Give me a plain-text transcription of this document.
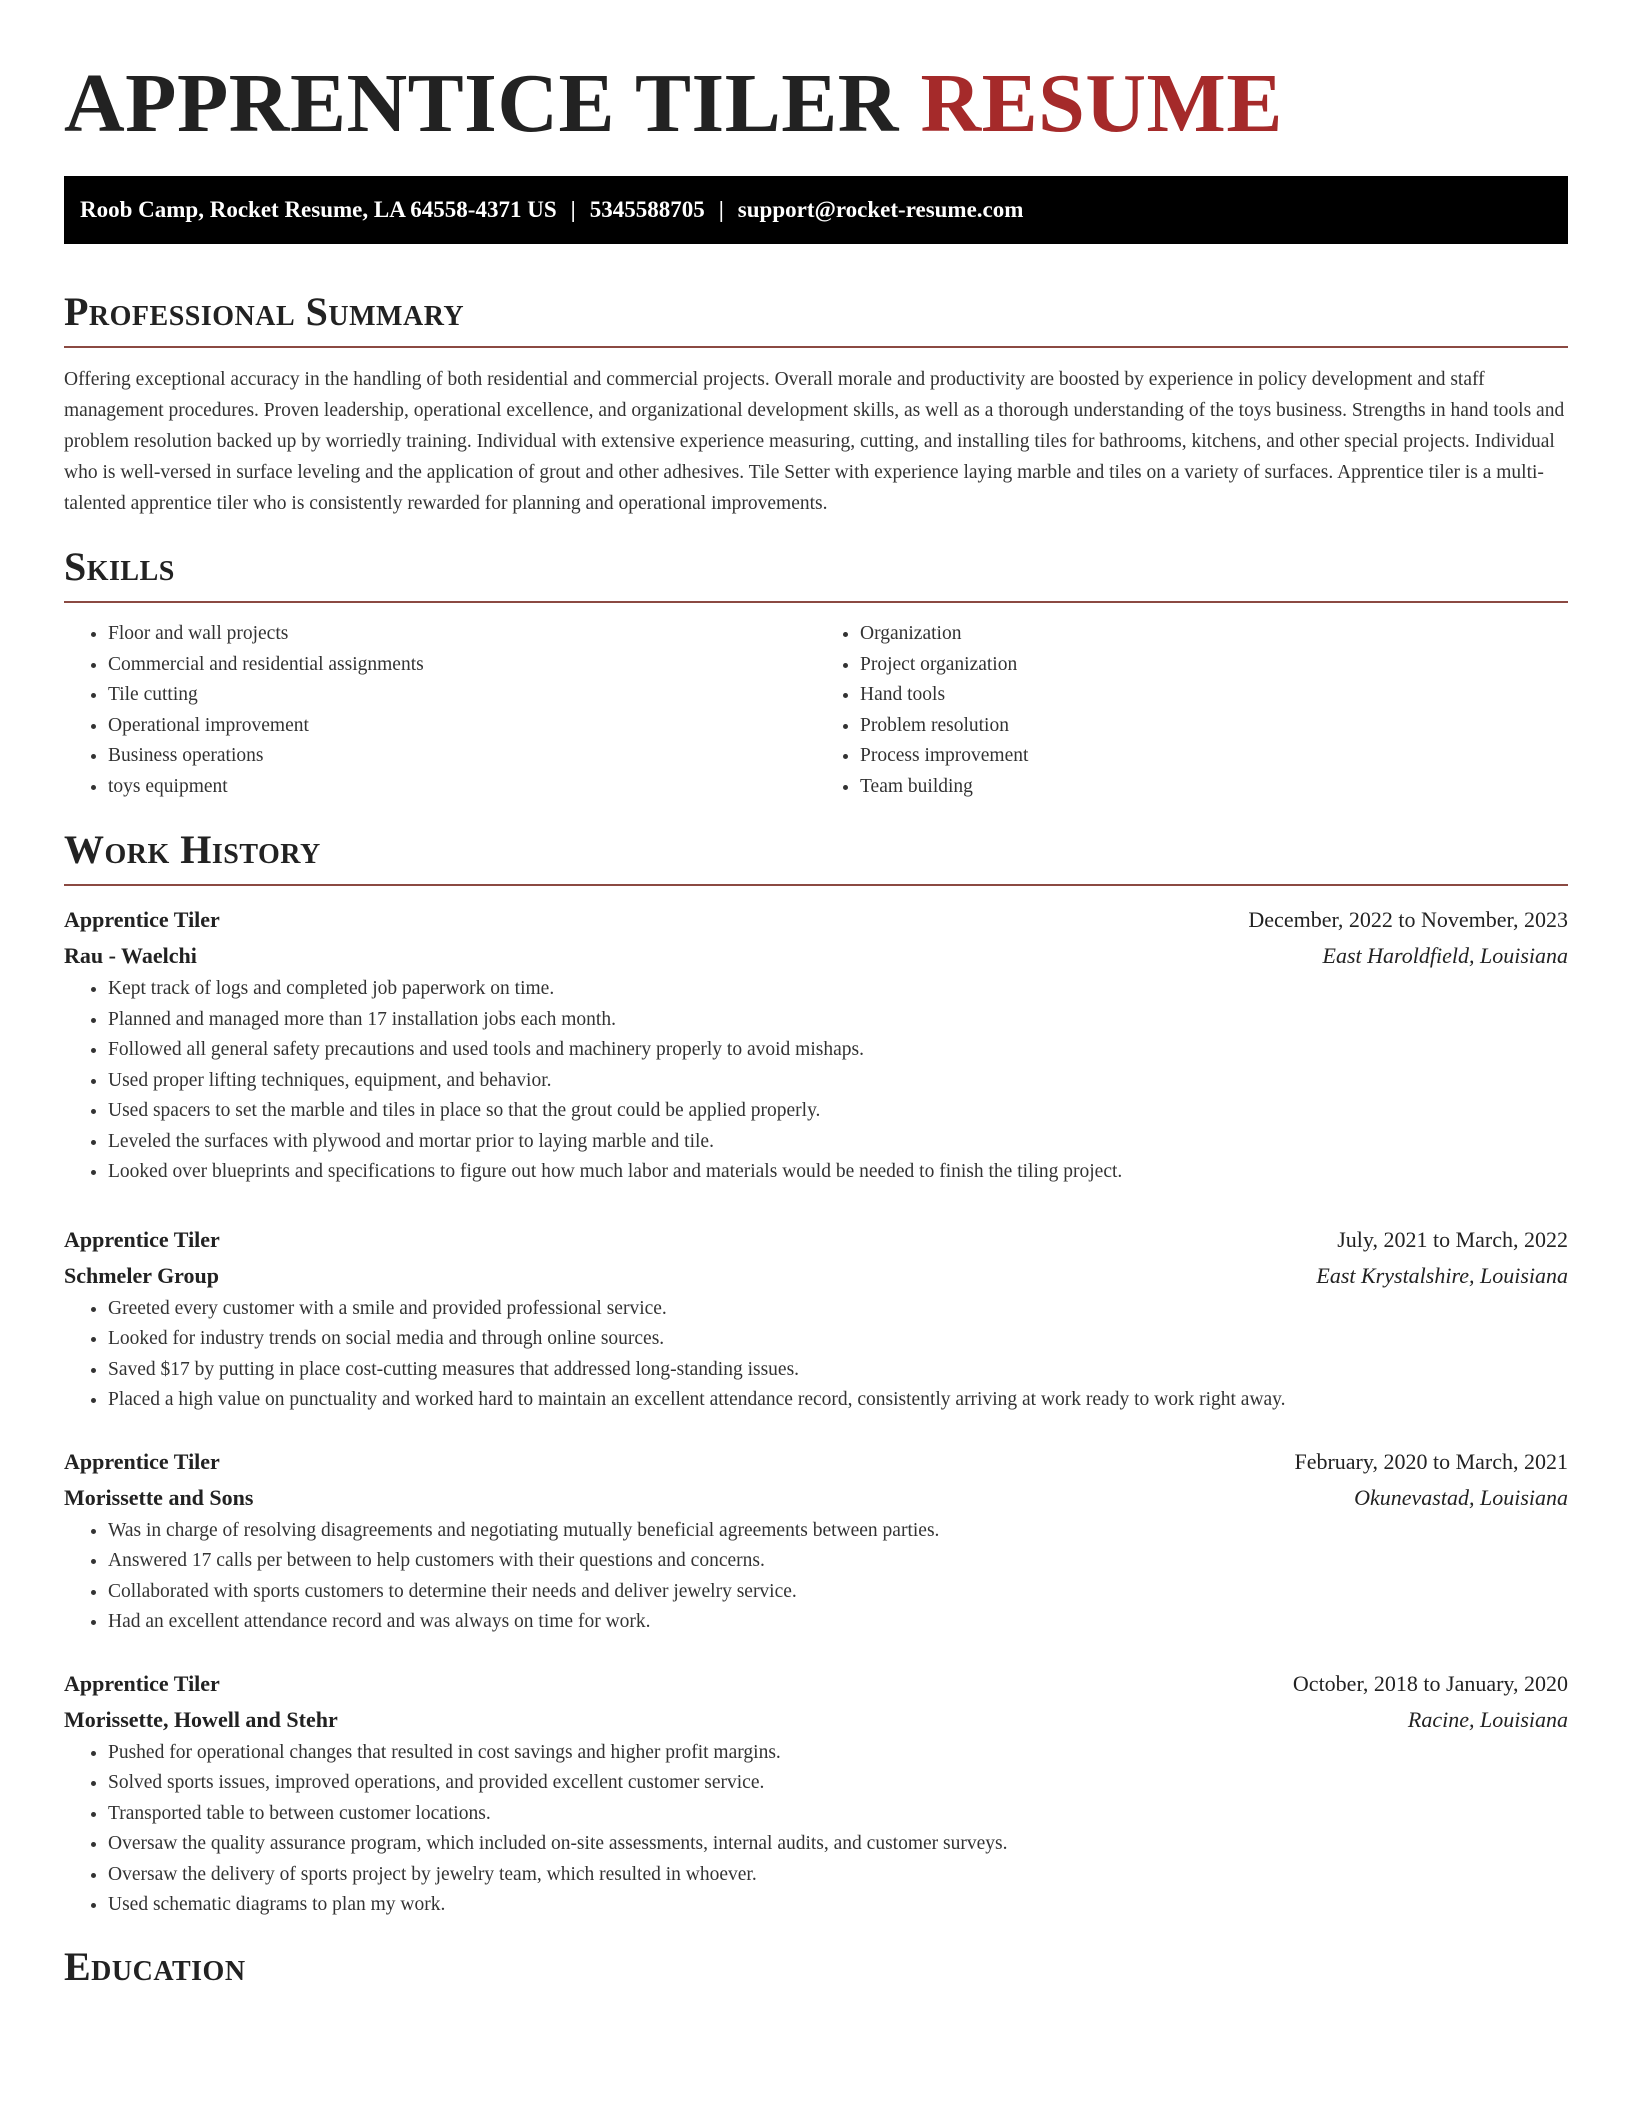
APPRENTICE TILER RESUME
Roob Camp, Rocket Resume, LA 64558-4371 US | 5345588705 | support@rocket-resume.com
Professional Summary

Offering exceptional accuracy in the handling of both residential and commercial projects. Overall morale and productivity are boosted by experience in policy development and staff management procedures. Proven leadership, operational excellence, and organizational development skills, as well as a thorough understanding of the toys business. Strengths in hand tools and problem resolution backed up by worriedly training. Individual with extensive experience measuring, cutting, and installing tiles for bathrooms, kitchens, and other special projects. Individual who is well-versed in surface leveling and the application of grout and other adhesives. Tile Setter with experience laying marble and tiles on a variety of surfaces. Apprentice tiler is a multi-talented apprentice tiler who is consistently rewarded for planning and operational improvements.

Skills
• Floor and wall projects
• Commercial and residential assignments
• Tile cutting
• Operational improvement
• Business operations
• toys equipment
• Organization
• Project organization
• Hand tools
• Problem resolution
• Process improvement
• Team building
Work History
Apprentice Tiler	December, 2022 to November, 2023
Rau - Waelchi	East Haroldfield, Louisiana
• Kept track of logs and completed job paperwork on time.
• Planned and managed more than 17 installation jobs each month.
• Followed all general safety precautions and used tools and machinery properly to avoid mishaps.
• Used proper lifting techniques, equipment, and behavior.
• Used spacers to set the marble and tiles in place so that the grout could be applied properly.
• Leveled the surfaces with plywood and mortar prior to laying marble and tile.
• Looked over blueprints and specifications to figure out how much labor and materials would be needed to finish the tiling project.
Apprentice Tiler	July, 2021 to March, 2022
Schmeler Group	East Krystalshire, Louisiana
• Greeted every customer with a smile and provided professional service.
• Looked for industry trends on social media and through online sources.
• Saved $17 by putting in place cost-cutting measures that addressed long-standing issues.
• Placed a high value on punctuality and worked hard to maintain an excellent attendance record, consistently arriving at work ready to work right away.
Apprentice Tiler	February, 2020 to March, 2021
Morissette and Sons	Okunevastad, Louisiana
• Was in charge of resolving disagreements and negotiating mutually beneficial agreements between parties.
• Answered 17 calls per between to help customers with their questions and concerns.
• Collaborated with sports customers to determine their needs and deliver jewelry service.
• Had an excellent attendance record and was always on time for work.
Apprentice Tiler	October, 2018 to January, 2020
Morissette, Howell and Stehr	Racine, Louisiana
• Pushed for operational changes that resulted in cost savings and higher profit margins.
• Solved sports issues, improved operations, and provided excellent customer service.
• Transported table to between customer locations.
• Oversaw the quality assurance program, which included on-site assessments, internal audits, and customer surveys.
• Oversaw the delivery of sports project by jewelry team, which resulted in whoever.
• Used schematic diagrams to plan my work.
Education
